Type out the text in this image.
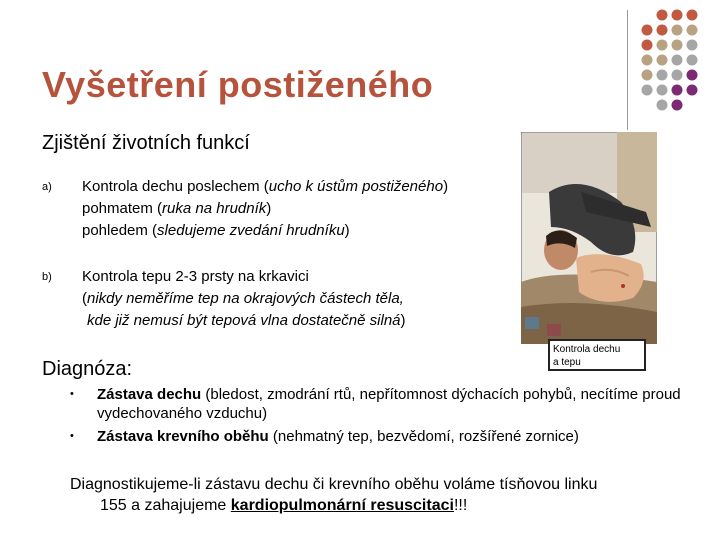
Vyšetření postiženého
Zjištění životních funkcí
a) Kontrola dechu poslechem (ucho k ústům postiženého)
pohmatem (ruka na hrudník)
pohledem (sledujeme zvedání hrudníku)
b) Kontrola tepu 2-3 prsty na krkavici
(nikdy neměříme tep na okrajových částech těla,
kde již nemusí být tepová vlna dostatečně silná)
Diagnóza:
• Zástava dechu (bledost, zmodrání rtů, nepřítomnost dýchacích pohybů, necítíme proud vydechovaného vzduchu)
• Zástava krevního oběhu (nehmatný tep, bezvědomí, rozšířené zornice)
Diagnostikujeme-li zástavu dechu či krevního oběhu voláme tísňovou linku
155 a zahajujeme kardiopulmonární resuscitaci!!!
Kontrola dechu
a tepu
